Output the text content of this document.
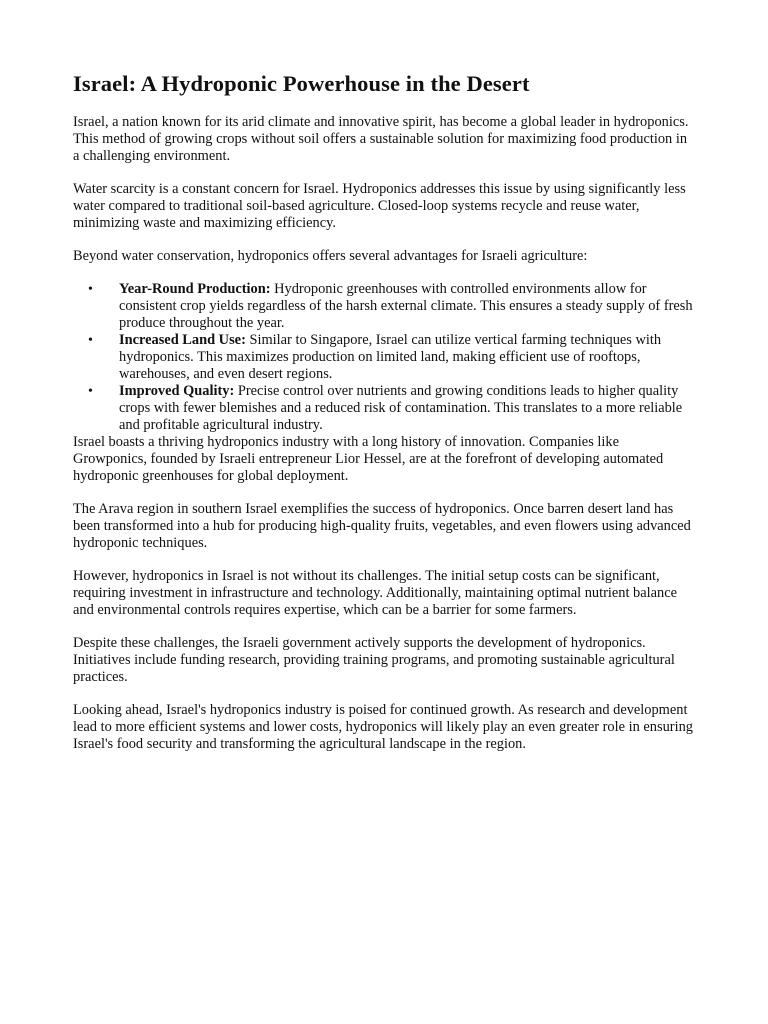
Israel: A Hydroponic Powerhouse in the Desert

Israel, a nation known for its arid climate and innovative spirit, has become a global leader in hydroponics. This method of growing crops without soil offers a sustainable solution for maximizing food production in a challenging environment.

Water scarcity is a constant concern for Israel. Hydroponics addresses this issue by using significantly less water compared to traditional soil-based agriculture. Closed-loop systems recycle and reuse water, minimizing waste and maximizing efficiency.

Beyond water conservation, hydroponics offers several advantages for Israeli agriculture:

• Year-Round Production: Hydroponic greenhouses with controlled environments allow for consistent crop yields regardless of the harsh external climate. This ensures a steady supply of fresh produce throughout the year.
• Increased Land Use: Similar to Singapore, Israel can utilize vertical farming techniques with hydroponics. This maximizes production on limited land, making efficient use of rooftops, warehouses, and even desert regions.
• Improved Quality: Precise control over nutrients and growing conditions leads to higher quality crops with fewer blemishes and a reduced risk of contamination. This translates to a more reliable and profitable agricultural industry.

Israel boasts a thriving hydroponics industry with a long history of innovation. Companies like Growponics, founded by Israeli entrepreneur Lior Hessel, are at the forefront of developing automated hydroponic greenhouses for global deployment.

The Arava region in southern Israel exemplifies the success of hydroponics. Once barren desert land has been transformed into a hub for producing high-quality fruits, vegetables, and even flowers using advanced hydroponic techniques.

However, hydroponics in Israel is not without its challenges. The initial setup costs can be significant, requiring investment in infrastructure and technology. Additionally, maintaining optimal nutrient balance and environmental controls requires expertise, which can be a barrier for some farmers.

Despite these challenges, the Israeli government actively supports the development of hydroponics. Initiatives include funding research, providing training programs, and promoting sustainable agricultural practices.

Looking ahead, Israel's hydroponics industry is poised for continued growth. As research and development lead to more efficient systems and lower costs, hydroponics will likely play an even greater role in ensuring Israel's food security and transforming the agricultural landscape in the region.
